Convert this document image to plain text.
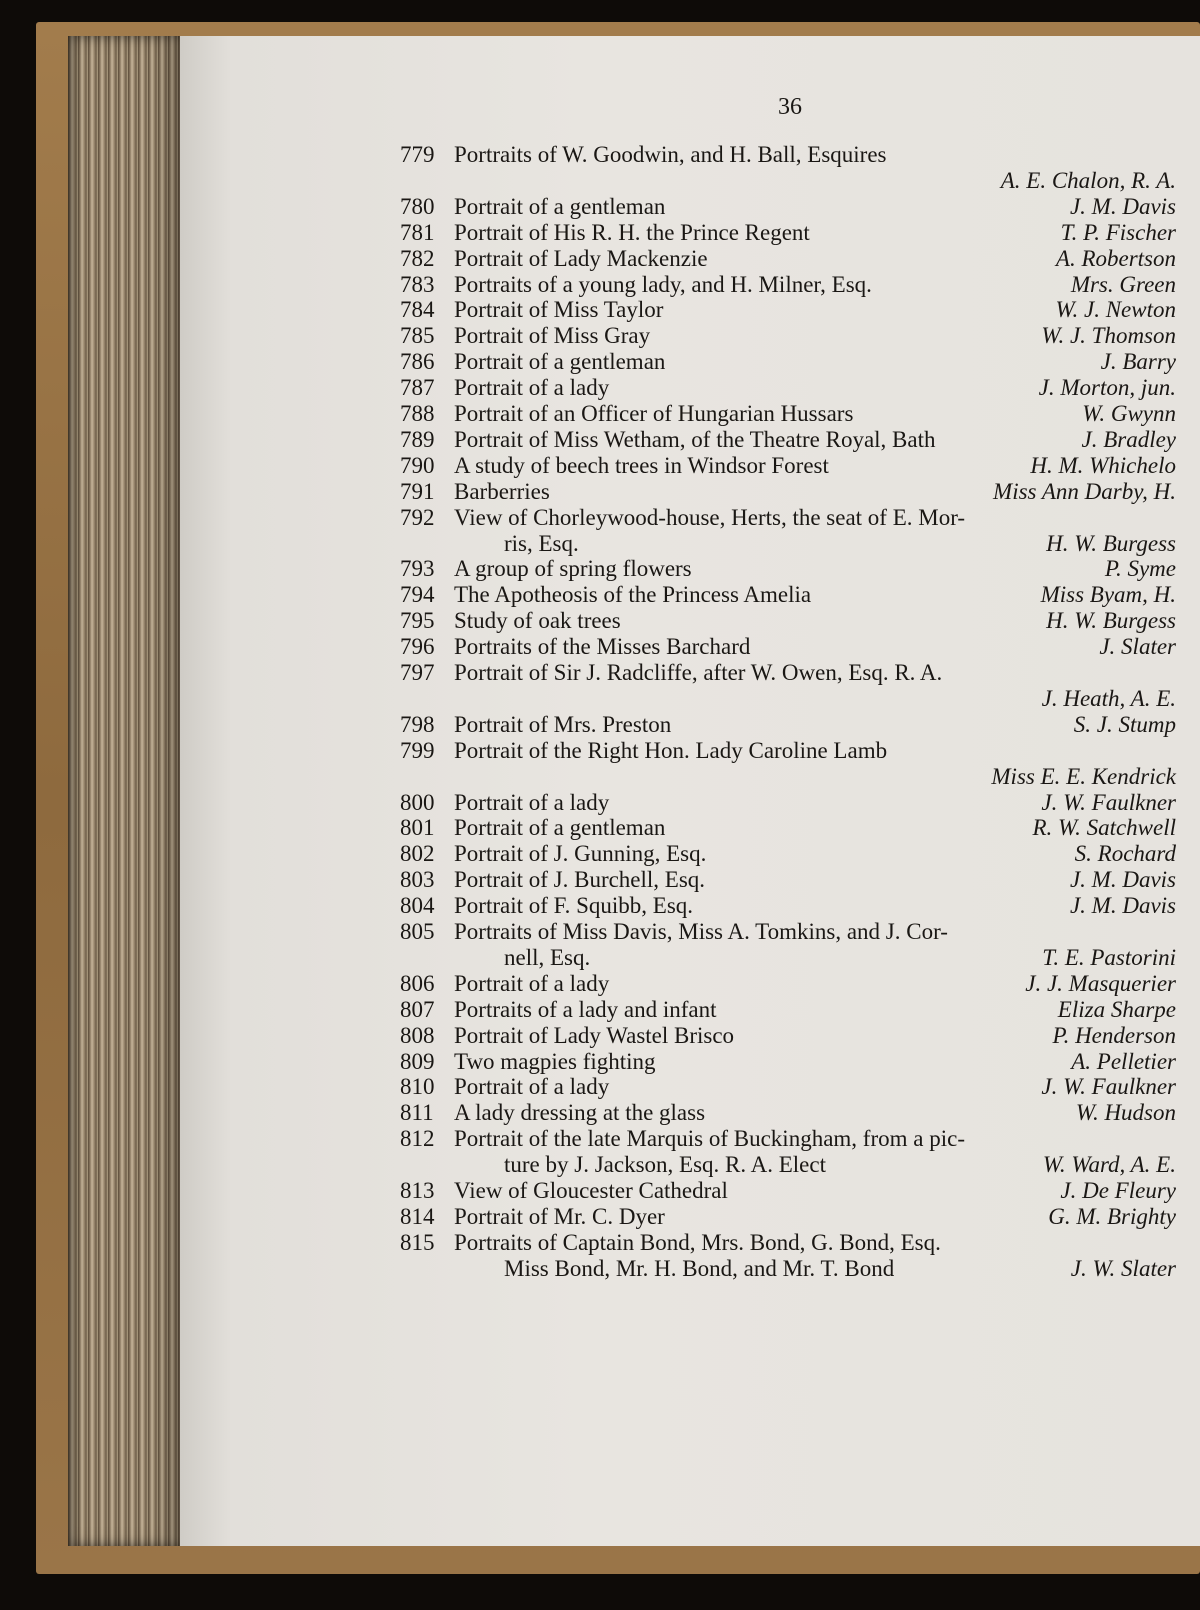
36
779 Portraits of W. Goodwin, and H. Ball, Esquires
A. E. Chalon, R. A.
780 Portrait of a gentleman	J. M. Davis
781 Portrait of His R. H. the Prince Regent	T. P. Fischer
782 Portrait of Lady Mackenzie	A. Robertson
783 Portraits of a young lady, and H. Milner, Esq.	Mrs. Green
784 Portrait of Miss Taylor	W. J. Newton
785 Portrait of Miss Gray	W. J. Thomson
786 Portrait of a gentleman	J. Barry
787 Portrait of a lady	J. Morton, jun.
788 Portrait of an Officer of Hungarian Hussars	W. Gwynn
789 Portrait of Miss Wetham, of the Theatre Royal, Bath	J. Bradley
790 A study of beech trees in Windsor Forest	H. M. Whichelo
791 Barberries	Miss Ann Darby, H.
792 View of Chorleywood-house, Herts, the seat of E. Mor-
ris, Esq.	H. W. Burgess
793 A group of spring flowers	P. Syme
794 The Apotheosis of the Princess Amelia	Miss Byam, H.
795 Study of oak trees	H. W. Burgess
796 Portraits of the Misses Barchard	J. Slater
797 Portrait of Sir J. Radcliffe, after W. Owen, Esq. R. A.
J. Heath, A. E.
798 Portrait of Mrs. Preston	S. J. Stump
799 Portrait of the Right Hon. Lady Caroline Lamb
Miss E. E. Kendrick
800 Portrait of a lady	J. W. Faulkner
801 Portrait of a gentleman	R. W. Satchwell
802 Portrait of J. Gunning, Esq.	S. Rochard
803 Portrait of J. Burchell, Esq.	J. M. Davis
804 Portrait of F. Squibb, Esq.	J. M. Davis
805 Portraits of Miss Davis, Miss A. Tomkins, and J. Cor-
nell, Esq.	T. E. Pastorini
806 Portrait of a lady	J. J. Masquerier
807 Portraits of a lady and infant	Eliza Sharpe
808 Portrait of Lady Wastel Brisco	P. Henderson
809 Two magpies fighting	A. Pelletier
810 Portrait of a lady	J. W. Faulkner
811 A lady dressing at the glass	W. Hudson
812 Portrait of the late Marquis of Buckingham, from a pic-
ture by J. Jackson, Esq. R. A. Elect	W. Ward, A. E.
813 View of Gloucester Cathedral	J. De Fleury
814 Portrait of Mr. C. Dyer	G. M. Brighty
815 Portraits of Captain Bond, Mrs. Bond, G. Bond, Esq.
Miss Bond, Mr. H. Bond, and Mr. T. Bond	J. W. Slater
